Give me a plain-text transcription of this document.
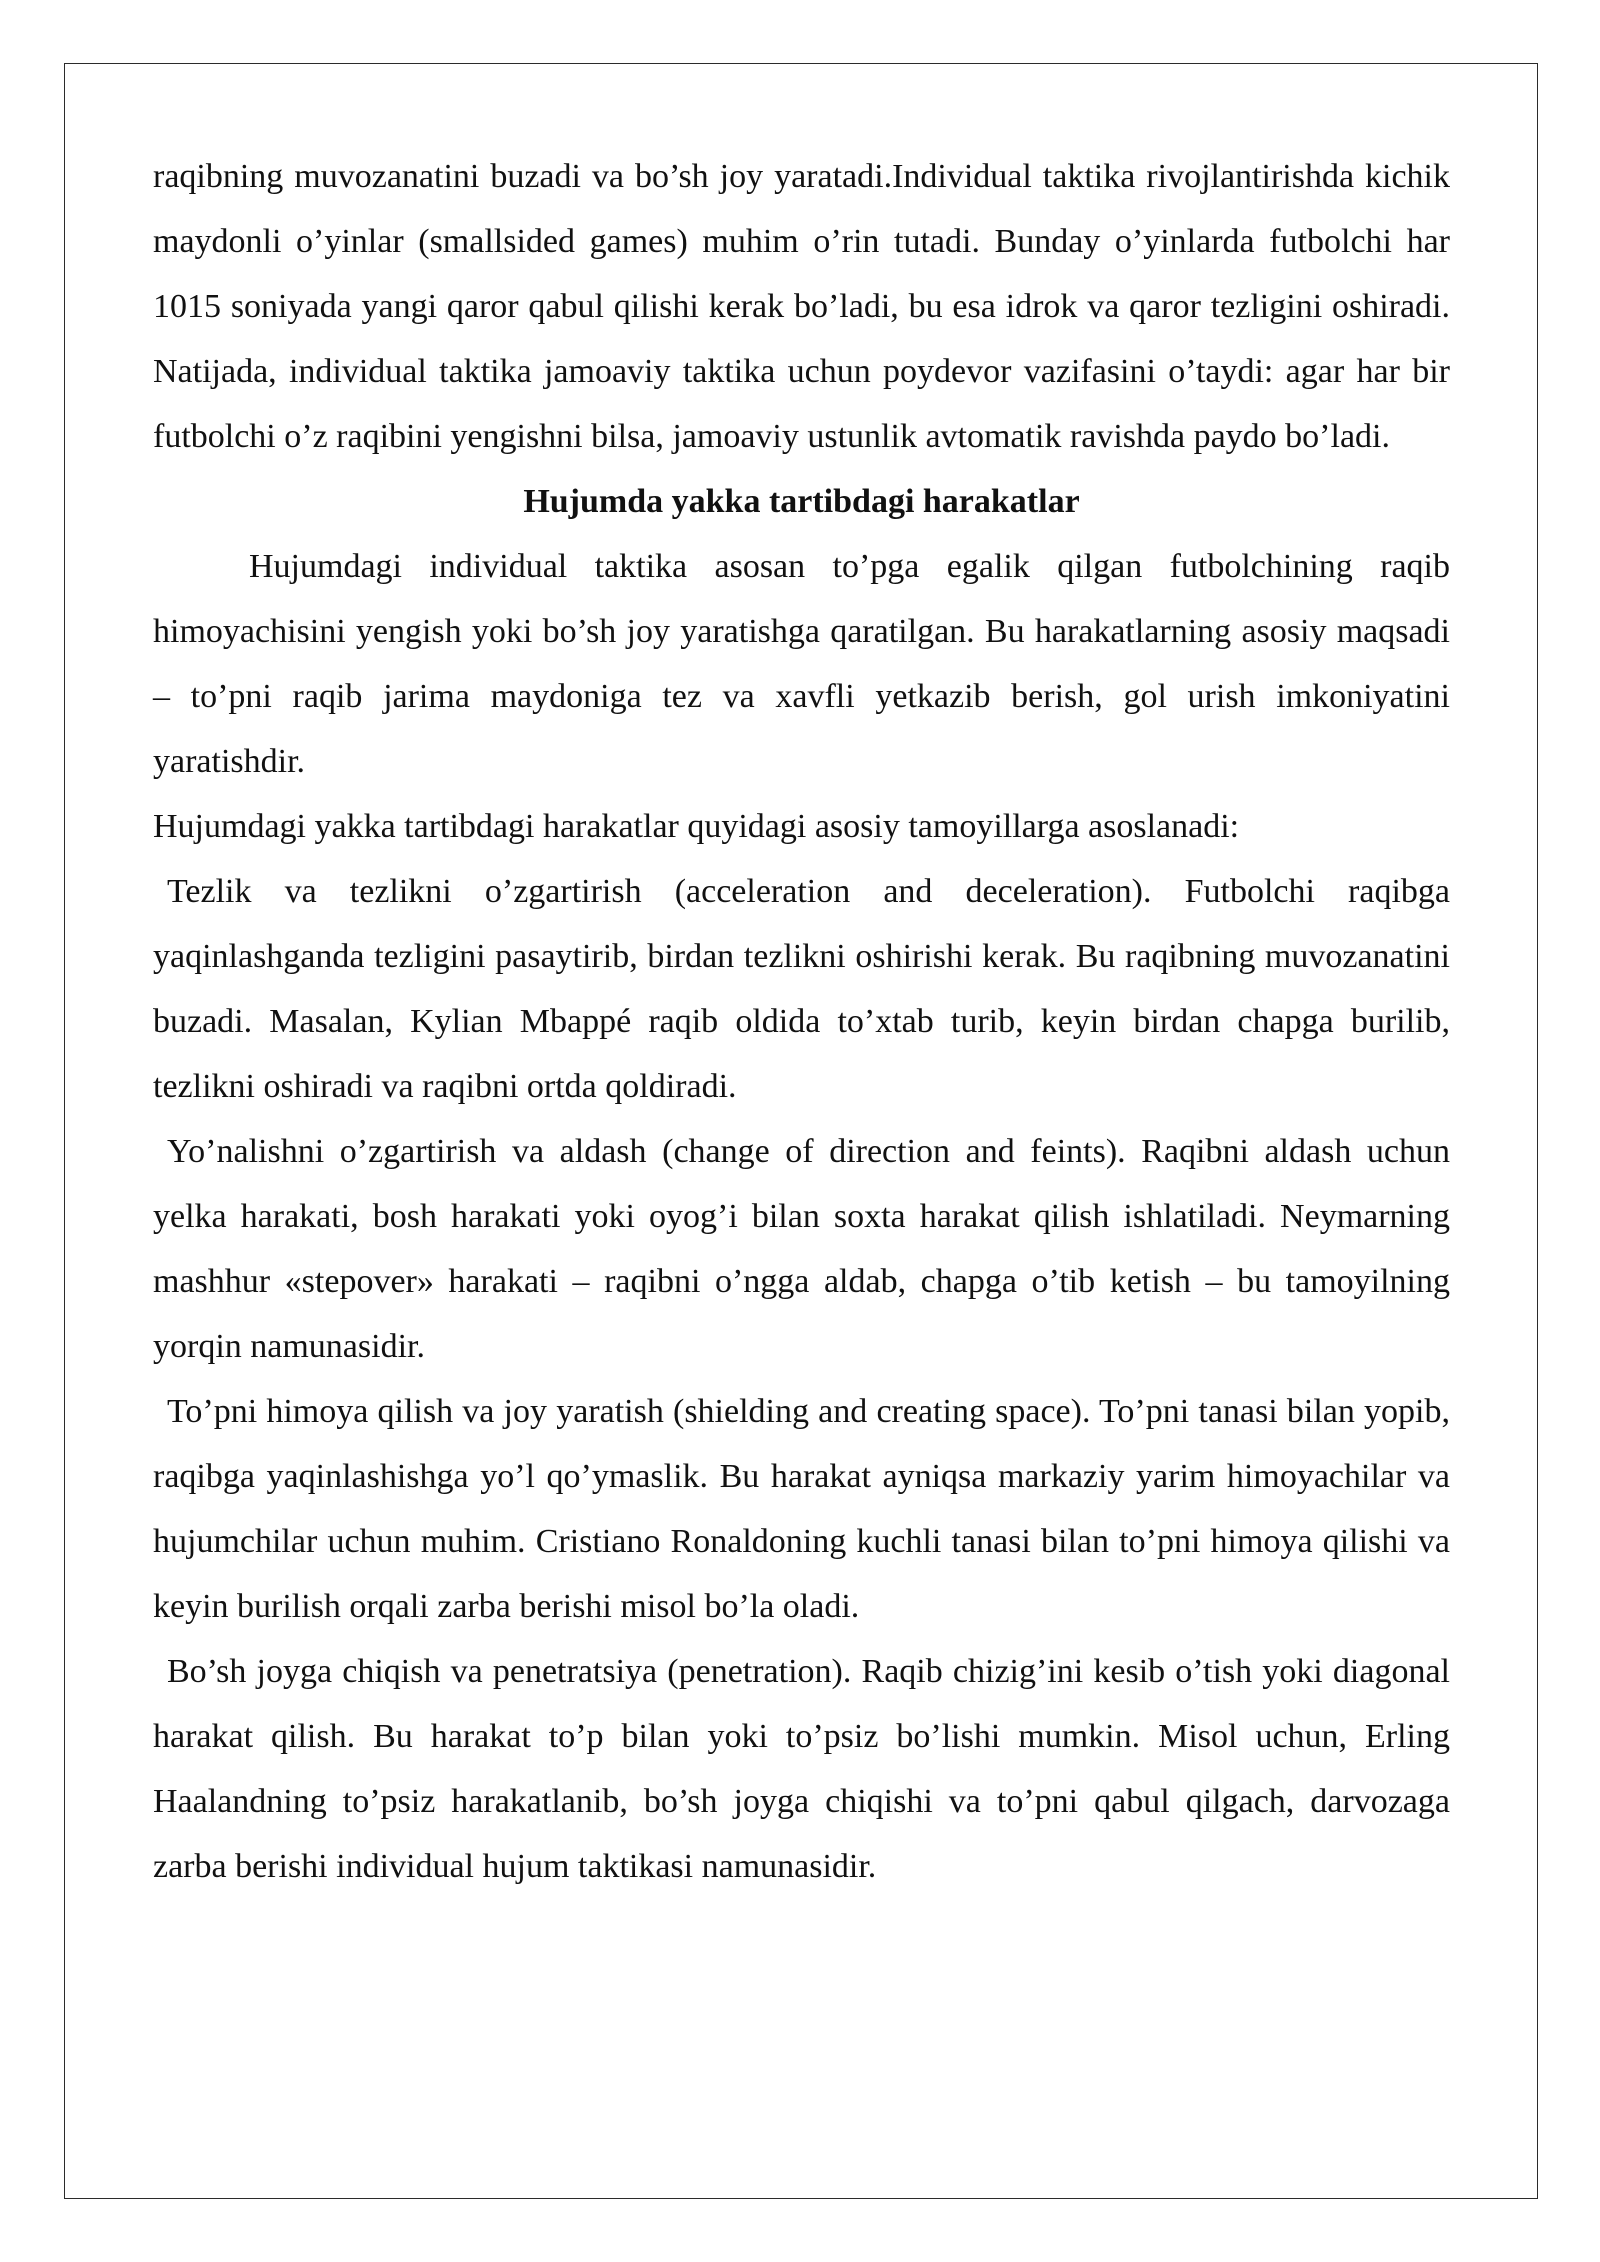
raqibning muvozanatini buzadi va bo’sh joy yaratadi.Individual taktika rivojlantirishda kichik maydonli o’yinlar (smallsided games) muhim o’rin tutadi. Bunday o’yinlarda futbolchi har 1015 soniyada yangi qaror qabul qilishi kerak bo’ladi, bu esa idrok va qaror tezligini oshiradi. Natijada, individual taktika jamoaviy taktika uchun poydevor vazifasini o’taydi: agar har bir futbolchi o’z raqibini yengishni bilsa, jamoaviy ustunlik avtomatik ravishda paydo bo’ladi.

Hujumda yakka tartibdagi harakatlar

Hujumdagi individual taktika asosan to’pga egalik qilgan futbolchining raqib himoyachisini yengish yoki bo’sh joy yaratishga qaratilgan. Bu harakatlarning asosiy maqsadi – to’pni raqib jarima maydoniga tez va xavfli yetkazib berish, gol urish imkoniyatini yaratishdir.

Hujumdagi yakka tartibdagi harakatlar quyidagi asosiy tamoyillarga asoslanadi:

Tezlik va tezlikni o’zgartirish (acceleration and deceleration). Futbolchi raqibga yaqinlashganda tezligini pasaytirib, birdan tezlikni oshirishi kerak. Bu raqibning muvozanatini buzadi. Masalan, Kylian Mbappé raqib oldida to’xtab turib, keyin birdan chapga burilib, tezlikni oshiradi va raqibni ortda qoldiradi.

Yo’nalishni o’zgartirish va aldash (change of direction and feints). Raqibni aldash uchun yelka harakati, bosh harakati yoki oyog’i bilan soxta harakat qilish ishlatiladi. Neymarning mashhur «stepover» harakati – raqibni o’ngga aldab, chapga o’tib ketish – bu tamoyilning yorqin namunasidir.

To’pni himoya qilish va joy yaratish (shielding and creating space). To’pni tanasi bilan yopib, raqibga yaqinlashishga yo’l qo’ymaslik. Bu harakat ayniqsa markaziy yarim himoyachilar va hujumchilar uchun muhim. Cristiano Ronaldoning kuchli tanasi bilan to’pni himoya qilishi va keyin burilish orqali zarba berishi misol bo’la oladi.

Bo’sh joyga chiqish va penetratsiya (penetration). Raqib chizig’ini kesib o’tish yoki diagonal harakat qilish. Bu harakat to’p bilan yoki to’psiz bo’lishi mumkin. Misol uchun, Erling Haalandning to’psiz harakatlanib, bo’sh joyga chiqishi va to’pni qabul qilgach, darvozaga zarba berishi individual hujum taktikasi namunasidir.
